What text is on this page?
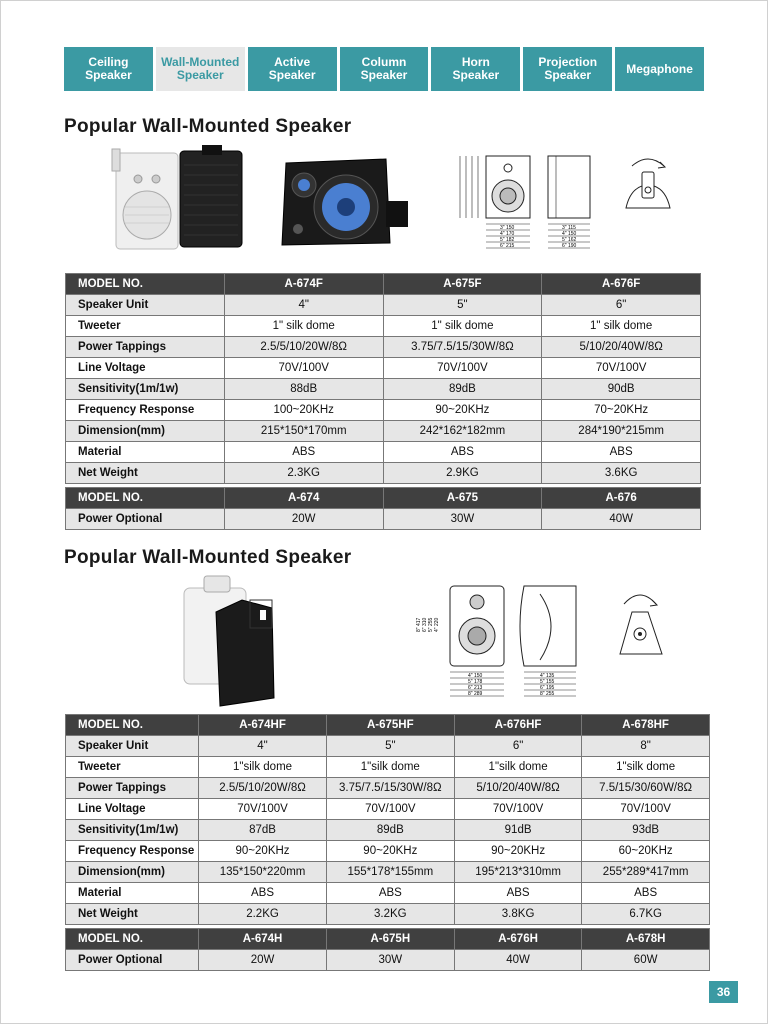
Ceiling
Speaker
Wall-Mounted
Speaker
Active
Speaker
Column
Speaker
Horn
Speaker
Projection
Speaker	Megaphone
Popular Wall-Mounted Speaker
3" 150
4" 170
5" 182
6" 215
3" 115
4" 150
5" 162
6" 190
MODEL NO.	A-674F	A-675F	A-676F
Speaker Unit	4"	5"	6"
Tweeter	1" silk dome	1" silk dome	1" silk dome
Power Tappings	2.5/5/10/20W/8Ω	3.75/7.5/15/30W/8Ω	5/10/20/40W/8Ω
Line Voltage	70V/100V	70V/100V	70V/100V
Sensitivity(1m/1w)	88dB	89dB	90dB
Frequency Response	100~20KHz	90~20KHz	70~20KHz
Dimension(mm)	215*150*170mm	242*162*182mm	284*190*215mm
Material	ABS	ABS	ABS
Net Weight	2.3KG	2.9KG	3.6KG

MODEL NO.	A-674	A-675	A-676
Power Optional	20W	30W	40W
Popular Wall-Mounted Speaker
8" 417 6" 310 5" 255 4" 220
4" 150
5" 178
6" 213
8" 289
4" 135
5" 155
6" 195
8" 255
MODEL NO.	A-674HF	A-675HF	A-676HF	A-678HF
Speaker Unit	4"	5"	6"	8"
Tweeter	1"silk dome	1"silk dome	1"silk dome	1"silk dome
Power Tappings	2.5/5/10/20W/8Ω	3.75/7.5/15/30W/8Ω	5/10/20/40W/8Ω	7.5/15/30/60W/8Ω
Line Voltage	70V/100V	70V/100V	70V/100V	70V/100V
Sensitivity(1m/1w)	87dB	89dB	91dB	93dB
Frequency Response	90~20KHz	90~20KHz	90~20KHz	60~20KHz
Dimension(mm)	135*150*220mm	155*178*155mm	195*213*310mm	255*289*417mm
Material	ABS	ABS	ABS	ABS
Net Weight	2.2KG	3.2KG	3.8KG	6.7KG

MODEL NO.	A-674H	A-675H	A-676H	A-678H
Power Optional	20W	30W	40W	60W
36
